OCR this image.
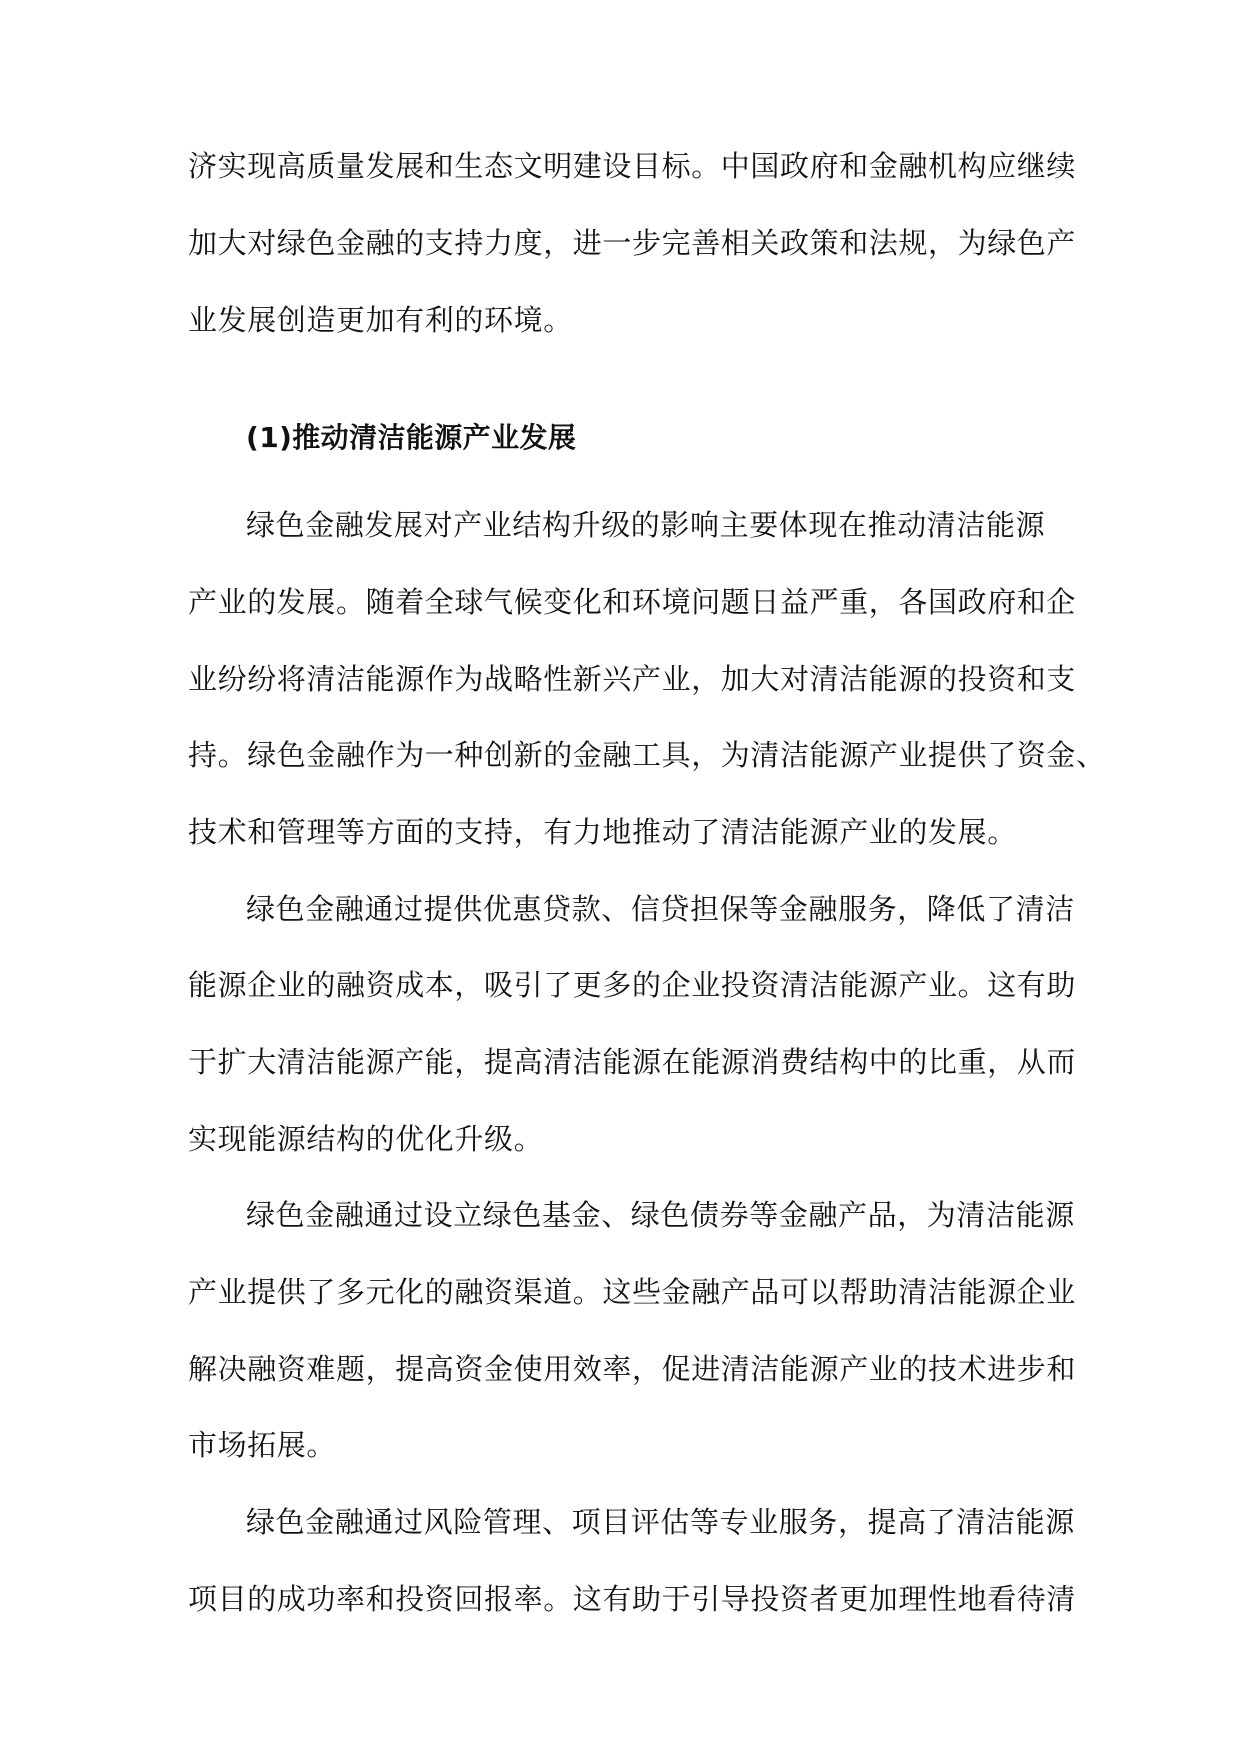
济实现高质量发展和生态文明建设目标。中国政府和金融机构应继续
加大对绿色金融的支持力度，进一步完善相关政策和法规，为绿色产
业发展创造更加有利的环境。
(1)推动清洁能源产业发展
绿色金融发展对产业结构升级的影响主要体现在推动清洁能源
产业的发展。随着全球气候变化和环境问题日益严重，各国政府和企
业纷纷将清洁能源作为战略性新兴产业，加大对清洁能源的投资和支
持。绿色金融作为一种创新的金融工具，为清洁能源产业提供了资金、
技术和管理等方面的支持，有力地推动了清洁能源产业的发展。
绿色金融通过提供优惠贷款、信贷担保等金融服务，降低了清洁
能源企业的融资成本，吸引了更多的企业投资清洁能源产业。这有助
于扩大清洁能源产能，提高清洁能源在能源消费结构中的比重，从而
实现能源结构的优化升级。
绿色金融通过设立绿色基金、绿色债券等金融产品，为清洁能源
产业提供了多元化的融资渠道。这些金融产品可以帮助清洁能源企业
解决融资难题，提高资金使用效率，促进清洁能源产业的技术进步和
市场拓展。
绿色金融通过风险管理、项目评估等专业服务，提高了清洁能源
项目的成功率和投资回报率。这有助于引导投资者更加理性地看待清
